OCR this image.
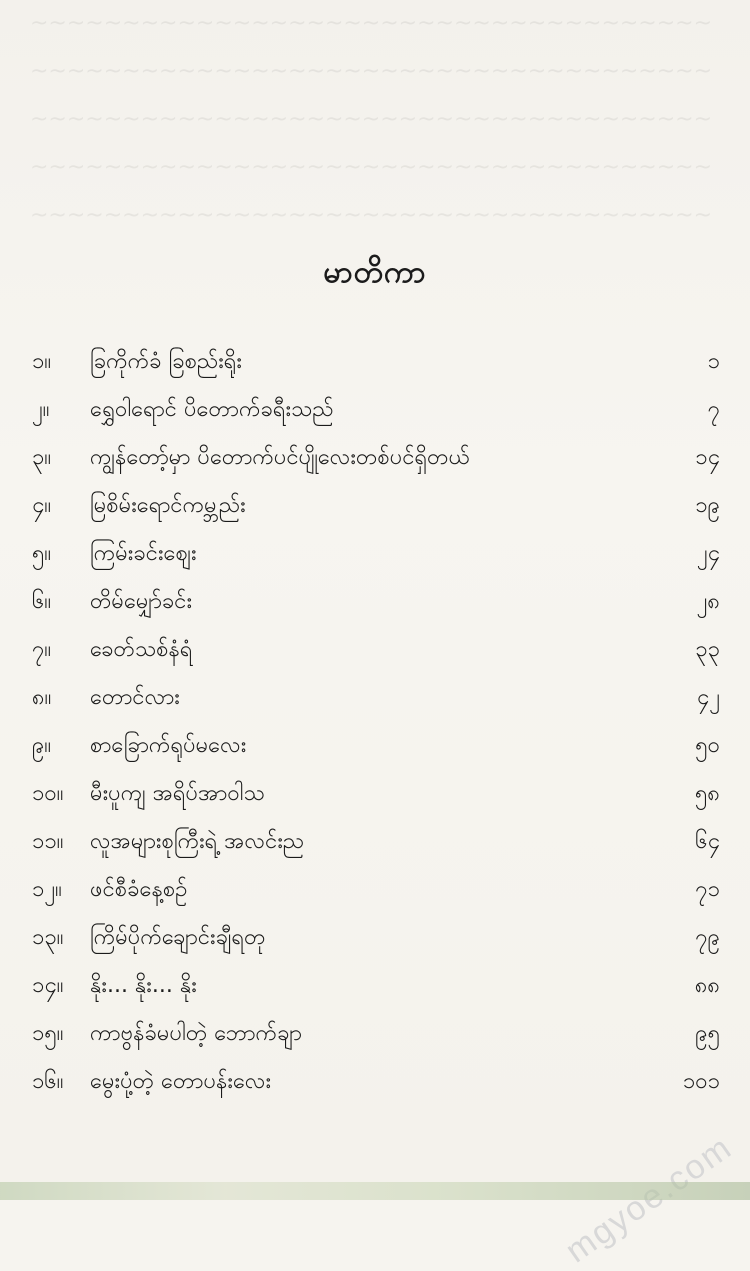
~~~~~~~~~~~~~~~~~~~~~~~~~~~~~~~~~~~~~
~~~~~~~~~~~~~~~~~~~~~~~~~~~~~~~~~~~~~
~~~~~~~~~~~~~~~~~~~~~~~~~~~~~~~~~~~~~
~~~~~~~~~~~~~~~~~~~~~~~~~~~~~~~~~~~~~
~~~~~~~~~~~~~~~~~~~~~~~~~~~~~~~~~~~~~
မာတိကာ
၁။	ခြကိုက်ခံ ခြစည်းရိုး	၁
၂။	ရွှေဝါရောင် ပိတောက်ခရီးသည်	၇
၃။	ကျွန်တော့်မှာ ပိတောက်ပင်ပျိုလေးတစ်ပင်ရှိတယ်	၁၄
၄။	မြစိမ်းရောင်ကမ္ဘည်း	၁၉
၅။	ကြမ်းခင်းဈေး	၂၄
၆။	တိမ်မျှော်ခင်း	၂၈
၇။	ခေတ်သစ်နံရံ	၃၃
၈။	တောင်လား	၄၂
၉။	စာခြောက်ရုပ်မလေး	၅၀
၁၀။	မီးပူကျ အရိပ်အာဝါသ	၅၈
၁၁။	လူအများစုကြီးရဲ့ အလင်းည	၆၄
၁၂။	ဖင်စီခံနေ့စဉ်	၇၁
၁၃။	ကြိမ်ပိုက်ချောင်းချီရတု	၇၉
၁၄။	နိုး... နိုး... နိုး	၈၈
၁၅။	ကာဗွန်ခံမပါတဲ့ ဘောက်ချာ	၉၅
၁၆။	မွေးပုံ့တဲ့ တောပန်းလေး	၁၀၁
